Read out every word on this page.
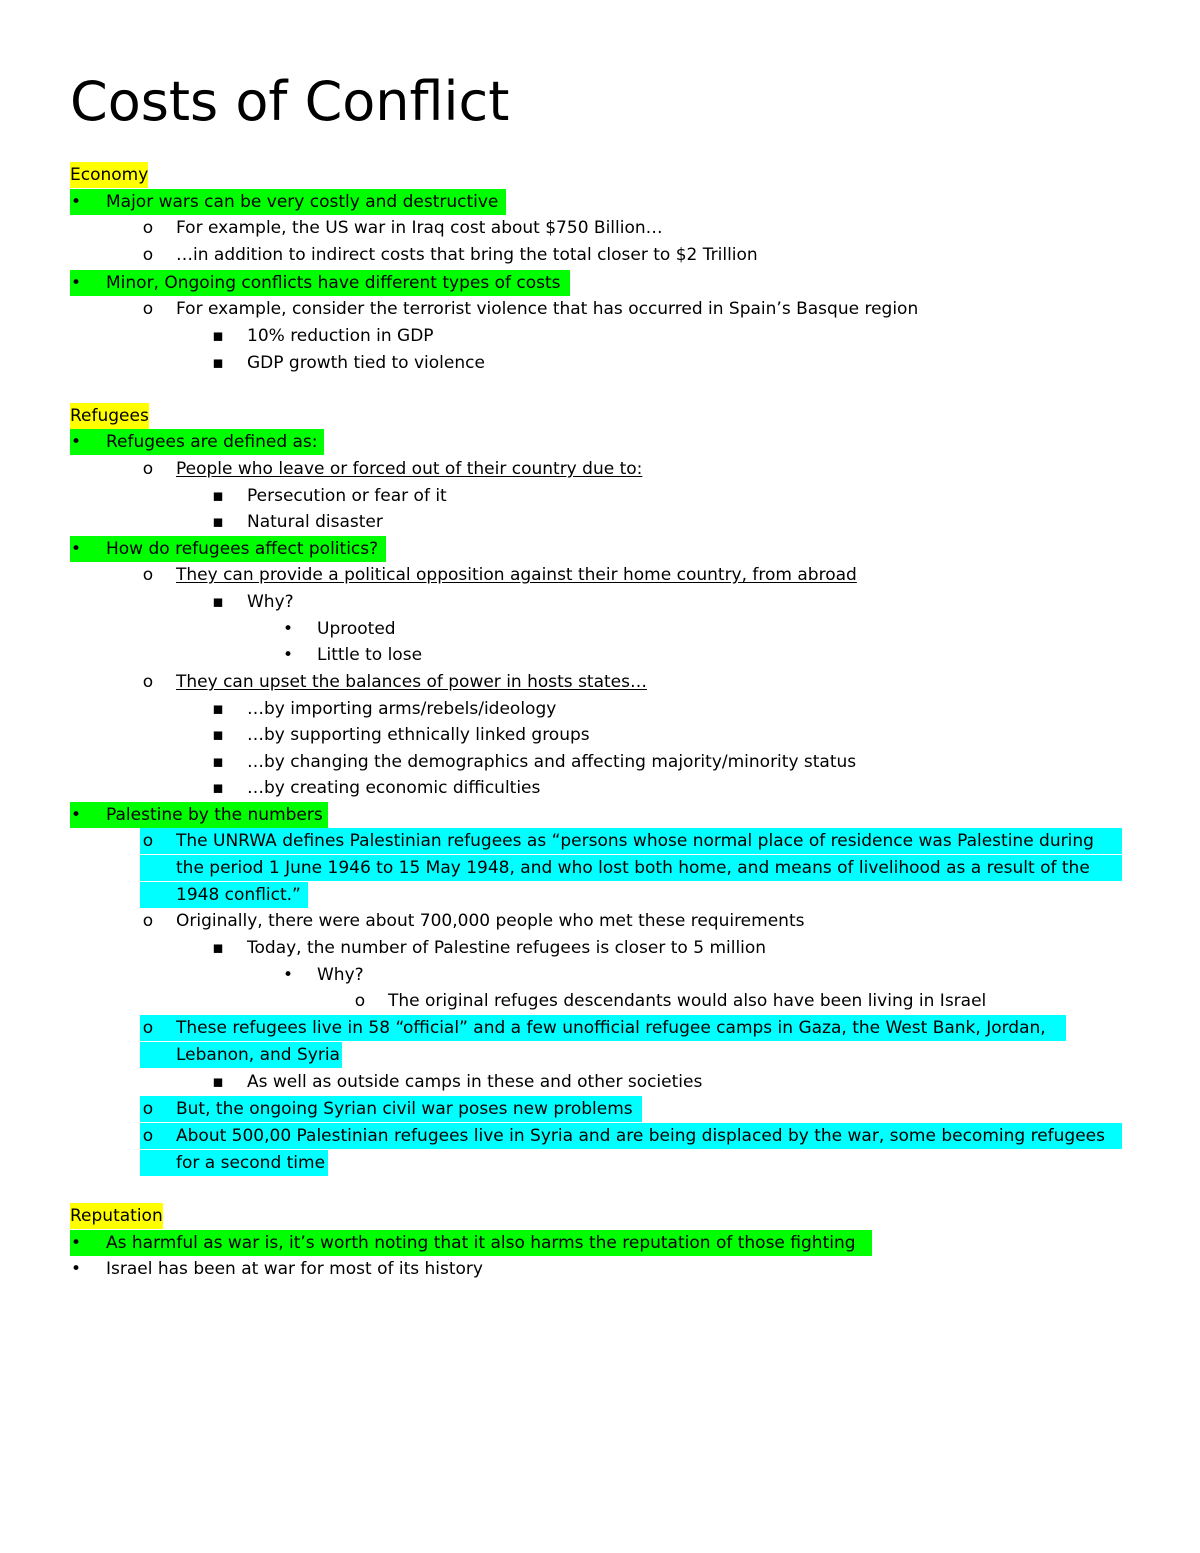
Costs of Conflict
Economy
•	Major wars can be very costly and destructive
o	For example, the US war in Iraq cost about $750 Billion…
o	…in addition to indirect costs that bring the total closer to $2 Trillion
•	Minor, Ongoing conflicts have different types of costs
o	For example, consider the terrorist violence that has occurred in Spain’s Basque region
▪	10% reduction in GDP
▪	GDP growth tied to violence
Refugees
•	Refugees are defined as:
o	People who leave or forced out of their country due to:
▪	Persecution or fear of it
▪	Natural disaster
•	How do refugees affect politics?
o	They can provide a political opposition against their home country, from abroad
▪	Why?
•	Uprooted
•	Little to lose
o	They can upset the balances of power in hosts states…
▪	…by importing arms/rebels/ideology
▪	…by supporting ethnically linked groups
▪	…by changing the demographics and affecting majority/minority status
▪	…by creating economic difficulties
•	Palestine by the numbers
o	The UNRWA defines Palestinian refugees as “persons whose normal place of residence was Palestine during
the period 1 June 1946 to 15 May 1948, and who lost both home, and means of livelihood as a result of the
1948 conflict.”
o	Originally, there were about 700,000 people who met these requirements
▪	Today, the number of Palestine refugees is closer to 5 million
•	Why?
o	The original refuges descendants would also have been living in Israel
o	These refugees live in 58 “official” and a few unofficial refugee camps in Gaza, the West Bank, Jordan,
Lebanon, and Syria
▪	As well as outside camps in these and other societies
o	But, the ongoing Syrian civil war poses new problems
o	About 500,00 Palestinian refugees live in Syria and are being displaced by the war, some becoming refugees
for a second time
Reputation
•	As harmful as war is, it’s worth noting that it also harms the reputation of those fighting
•	Israel has been at war for most of its history
